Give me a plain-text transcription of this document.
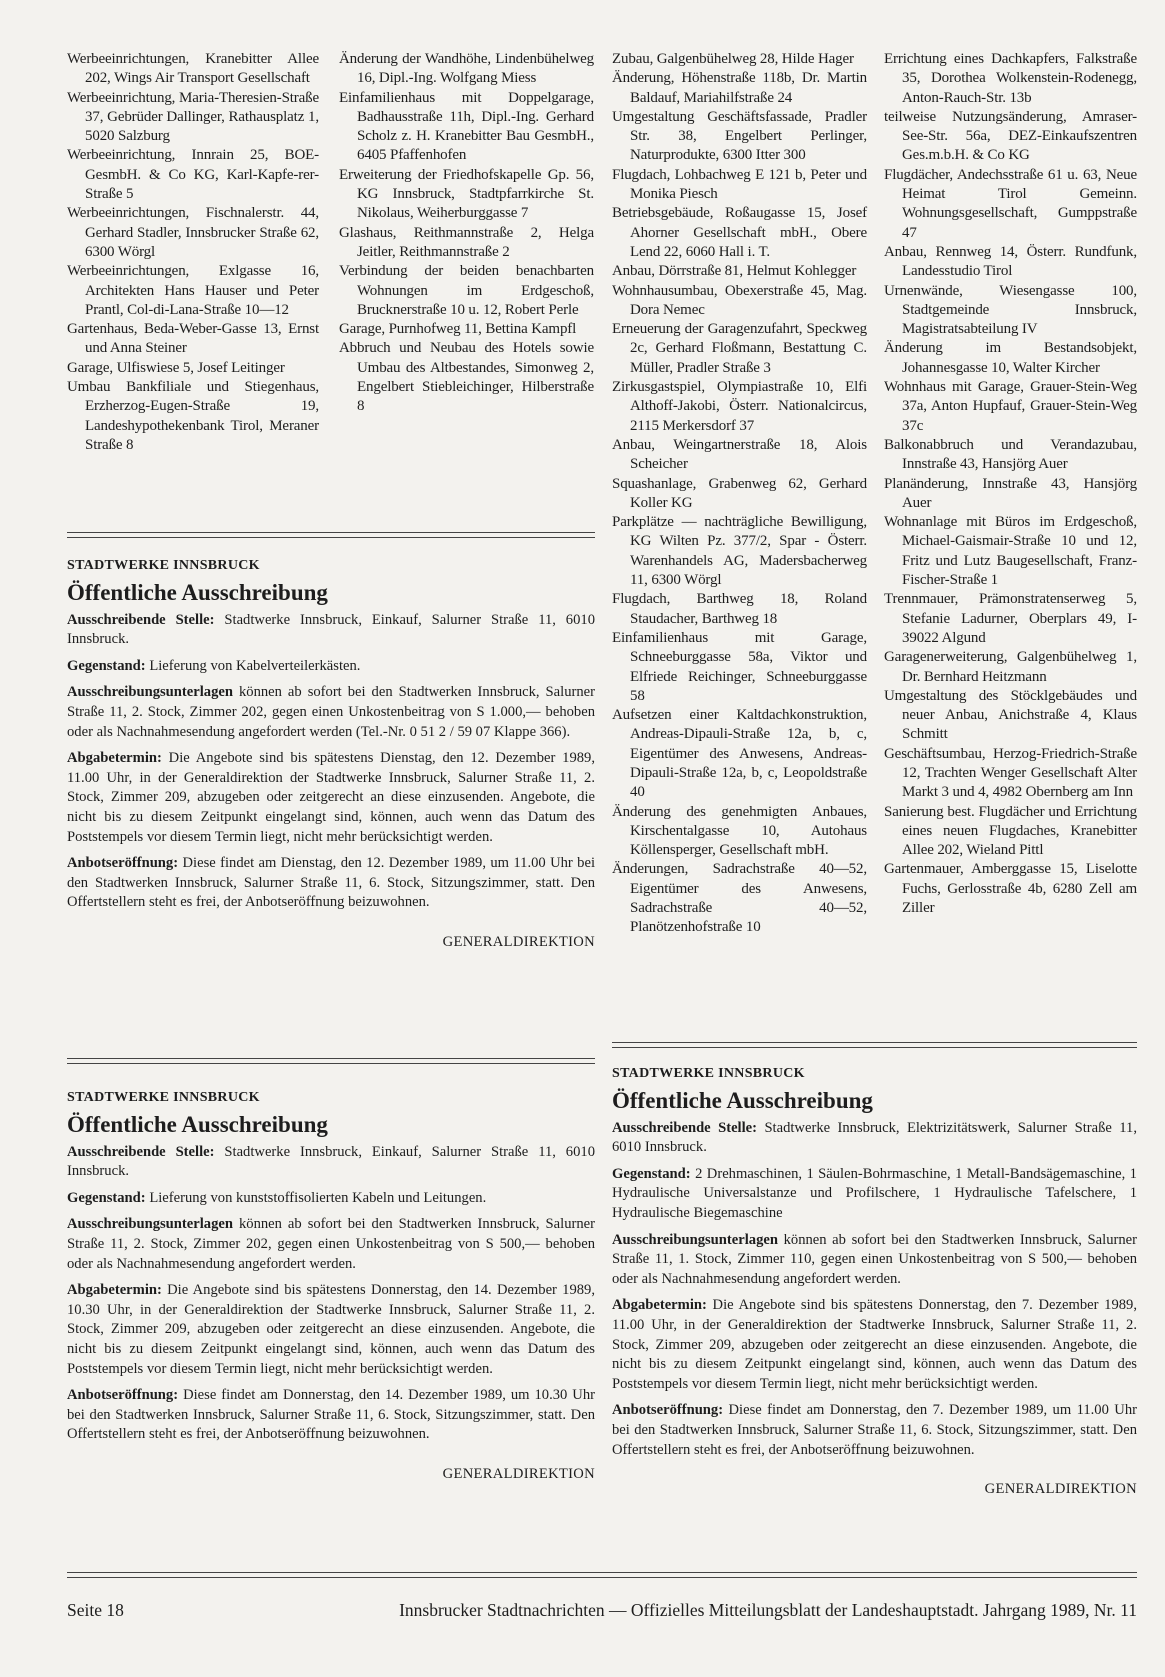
Werbeeinrichtungen, Kranebitter Allee 202, Wings Air Transport Gesellschaft
Werbeeinrichtung, Maria-Theresien-Straße 37, Gebrüder Dallinger, Rathausplatz 1, 5020 Salzburg
Werbeeinrichtung, Innrain 25, BOE-GesmbH. & Co KG, Karl-Kapfe-rer-Straße 5
Werbeeinrichtungen, Fischnalerstr. 44, Gerhard Stadler, Innsbrucker Straße 62, 6300 Wörgl
Werbeeinrichtungen, Exlgasse 16, Architekten Hans Hauser und Peter Prantl, Col-di-Lana-Straße 10—12
Gartenhaus, Beda-Weber-Gasse 13, Ernst und Anna Steiner
Garage, Ulfiswiese 5, Josef Leitinger
Umbau Bankfiliale und Stiegenhaus, Erzherzog-Eugen-Straße 19, Landeshypothekenbank Tirol, Meraner Straße 8
Änderung der Wandhöhe, Lindenbühelweg 16, Dipl.-Ing. Wolfgang Miess
Einfamilienhaus mit Doppelgarage, Badhausstraße 11h, Dipl.-Ing. Gerhard Scholz z. H. Kranebitter Bau GesmbH., 6405 Pfaffenhofen
Erweiterung der Friedhofskapelle Gp. 56, KG Innsbruck, Stadtpfarrkirche St. Nikolaus, Weiherburggasse 7
Glashaus, Reithmannstraße 2, Helga Jeitler, Reithmannstraße 2
Verbindung der beiden benachbarten Wohnungen im Erdgeschoß, Brucknerstraße 10 u. 12, Robert Perle
Garage, Purnhofweg 11, Bettina Kampfl
Abbruch und Neubau des Hotels sowie Umbau des Altbestandes, Simonweg 2, Engelbert Stiebleichinger, Hilberstraße 8
Zubau, Galgenbühelweg 28, Hilde Hager
Änderung, Höhenstraße 118b, Dr. Martin Baldauf, Mariahilfstraße 24
Umgestaltung Geschäftsfassade, Pradler Str. 38, Engelbert Perlinger, Naturprodukte, 6300 Itter 300
Flugdach, Lohbachweg E 121 b, Peter und Monika Piesch
Betriebsgebäude, Roßaugasse 15, Josef Ahorner Gesellschaft mbH., Obere Lend 22, 6060 Hall i. T.
Anbau, Dörrstraße 81, Helmut Kohlegger
Wohnhausumbau, Obexerstraße 45, Mag. Dora Nemec
Erneuerung der Garagenzufahrt, Speckweg 2c, Gerhard Floßmann, Bestattung C. Müller, Pradler Straße 3
Zirkusgastspiel, Olympiastraße 10, Elfi Althoff-Jakobi, Österr. Nationalcircus, 2115 Merkersdorf 37
Anbau, Weingartnerstraße 18, Alois Scheicher
Squashanlage, Grabenweg 62, Gerhard Koller KG
Parkplätze — nachträgliche Bewilligung, KG Wilten Pz. 377/2, Spar - Österr. Warenhandels AG, Madersbacherweg 11, 6300 Wörgl
Flugdach, Barthweg 18, Roland Staudacher, Barthweg 18
Einfamilienhaus mit Garage, Schneeburggasse 58a, Viktor und Elfriede Reichinger, Schneeburggasse 58
Aufsetzen einer Kaltdachkonstruktion, Andreas-Dipauli-Straße 12a, b, c, Eigentümer des Anwesens, Andreas-Dipauli-Straße 12a, b, c, Leopoldstraße 40
Änderung des genehmigten Anbaues, Kirschentalgasse 10, Autohaus Köllensperger, Gesellschaft mbH.
Änderungen, Sadrachstraße 40—52, Eigentümer des Anwesens, Sadrachstraße 40—52, Planötzenhofstraße 10
Errichtung eines Dachkapfers, Falkstraße 35, Dorothea Wolkenstein-Rodenegg, Anton-Rauch-Str. 13b
teilweise Nutzungsänderung, Amraser-See-Str. 56a, DEZ-Einkaufszentren Ges.m.b.H. & Co KG
Flugdächer, Andechsstraße 61 u. 63, Neue Heimat Tirol Gemeinn. Wohnungsgesellschaft, Gumppstraße 47
Anbau, Rennweg 14, Österr. Rundfunk, Landesstudio Tirol
Urnenwände, Wiesengasse 100, Stadtgemeinde Innsbruck, Magistratsabteilung IV
Änderung im Bestandsobjekt, Johannesgasse 10, Walter Kircher
Wohnhaus mit Garage, Grauer-Stein-Weg 37a, Anton Hupfauf, Grauer-Stein-Weg 37c
Balkonabbruch und Verandazubau, Innstraße 43, Hansjörg Auer
Planänderung, Innstraße 43, Hansjörg Auer
Wohnanlage mit Büros im Erdgeschoß, Michael-Gaismair-Straße 10 und 12, Fritz und Lutz Baugesellschaft, Franz-Fischer-Straße 1
Trennmauer, Prämonstratenserweg 5, Stefanie Ladurner, Oberplars 49, I-39022 Algund
Garagenerweiterung, Galgenbühelweg 1, Dr. Bernhard Heitzmann
Umgestaltung des Stöcklgebäudes und neuer Anbau, Anichstraße 4, Klaus Schmitt
Geschäftsumbau, Herzog-Friedrich-Straße 12, Trachten Wenger Gesellschaft Alter Markt 3 und 4, 4982 Obernberg am Inn
Sanierung best. Flugdächer und Errichtung eines neuen Flugdaches, Kranebitter Allee 202, Wieland Pittl
Gartenmauer, Amberggasse 15, Liselotte Fuchs, Gerlosstraße 4b, 6280 Zell am Ziller
STADTWERKE INNSBRUCK
Öffentliche Ausschreibung

Ausschreibende Stelle: Stadtwerke Innsbruck, Einkauf, Salurner Straße 11, 6010 Innsbruck.

Gegenstand: Lieferung von Kabelverteilerkästen.

Ausschreibungsunterlagen können ab sofort bei den Stadtwerken Innsbruck, Salurner Straße 11, 2. Stock, Zimmer 202, gegen einen Unkostenbeitrag von S 1.000,— behoben oder als Nachnahmesendung angefordert werden (Tel.-Nr. 0 51 2 / 59 07 Klappe 366).

Abgabetermin: Die Angebote sind bis spätestens Dienstag, den 12. Dezember 1989, 11.00 Uhr, in der Generaldirektion der Stadtwerke Innsbruck, Salurner Straße 11, 2. Stock, Zimmer 209, abzugeben oder zeitgerecht an diese einzusenden. Angebote, die nicht bis zu diesem Zeitpunkt eingelangt sind, können, auch wenn das Datum des Poststempels vor diesem Termin liegt, nicht mehr berücksichtigt werden.

Anbotseröffnung: Diese findet am Dienstag, den 12. Dezember 1989, um 11.00 Uhr bei den Stadtwerken Innsbruck, Salurner Straße 11, 6. Stock, Sitzungszimmer, statt. Den Offertstellern steht es frei, der Anbotseröffnung beizuwohnen.

GENERALDIREKTION
STADTWERKE INNSBRUCK
Öffentliche Ausschreibung

Ausschreibende Stelle: Stadtwerke Innsbruck, Einkauf, Salurner Straße 11, 6010 Innsbruck.

Gegenstand: Lieferung von kunststoffisolierten Kabeln und Leitungen.

Ausschreibungsunterlagen können ab sofort bei den Stadtwerken Innsbruck, Salurner Straße 11, 2. Stock, Zimmer 202, gegen einen Unkostenbeitrag von S 500,— behoben oder als Nachnahmesendung angefordert werden.

Abgabetermin: Die Angebote sind bis spätestens Donnerstag, den 14. Dezember 1989, 10.30 Uhr, in der Generaldirektion der Stadtwerke Innsbruck, Salurner Straße 11, 2. Stock, Zimmer 209, abzugeben oder zeitgerecht an diese einzusenden. Angebote, die nicht bis zu diesem Zeitpunkt eingelangt sind, können, auch wenn das Datum des Poststempels vor diesem Termin liegt, nicht mehr berücksichtigt werden.

Anbotseröffnung: Diese findet am Donnerstag, den 14. Dezember 1989, um 10.30 Uhr bei den Stadtwerken Innsbruck, Salurner Straße 11, 6. Stock, Sitzungszimmer, statt. Den Offertstellern steht es frei, der Anbotseröffnung beizuwohnen.

GENERALDIREKTION
STADTWERKE INNSBRUCK
Öffentliche Ausschreibung

Ausschreibende Stelle: Stadtwerke Innsbruck, Elektrizitätswerk, Salurner Straße 11, 6010 Innsbruck.

Gegenstand: 2 Drehmaschinen, 1 Säulen-Bohrmaschine, 1 Metall-Bandsägemaschine, 1 Hydraulische Universalstanze und Profilschere, 1 Hydraulische Tafelschere, 1 Hydraulische Biegemaschine

Ausschreibungsunterlagen können ab sofort bei den Stadtwerken Innsbruck, Salurner Straße 11, 1. Stock, Zimmer 110, gegen einen Unkostenbeitrag von S 500,— behoben oder als Nachnahmesendung angefordert werden.

Abgabetermin: Die Angebote sind bis spätestens Donnerstag, den 7. Dezember 1989, 11.00 Uhr, in der Generaldirektion der Stadtwerke Innsbruck, Salurner Straße 11, 2. Stock, Zimmer 209, abzugeben oder zeitgerecht an diese einzusenden. Angebote, die nicht bis zu diesem Zeitpunkt eingelangt sind, können, auch wenn das Datum des Poststempels vor diesem Termin liegt, nicht mehr berücksichtigt werden.

Anbotseröffnung: Diese findet am Donnerstag, den 7. Dezember 1989, um 11.00 Uhr bei den Stadtwerken Innsbruck, Salurner Straße 11, 6. Stock, Sitzungszimmer, statt. Den Offertstellern steht es frei, der Anbotseröffnung beizuwohnen.

GENERALDIREKTION
Seite 18	Innsbrucker Stadtnachrichten — Offizielles Mitteilungsblatt der Landeshauptstadt. Jahrgang 1989, Nr. 11
